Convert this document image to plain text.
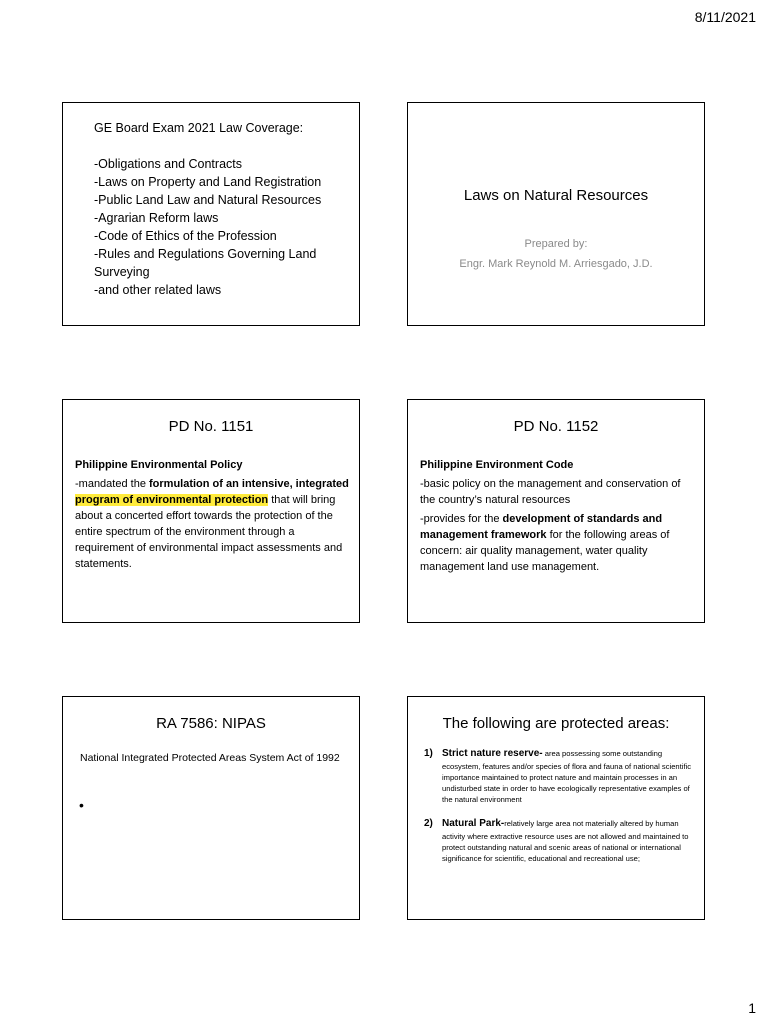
8/11/2021
GE Board Exam 2021 Law Coverage:
-Obligations and Contracts
-Laws on Property and Land Registration
-Public Land Law and Natural Resources
-Agrarian Reform laws
-Code of Ethics of the Profession
-Rules and Regulations Governing Land Surveying
-and other related laws
Laws on Natural Resources
Prepared by:
Engr. Mark Reynold M. Arriesgado, J.D.
PD No. 1151
Philippine Environmental Policy

-mandated the formulation of an intensive, integrated program of environmental protection that will bring about a concerted effort towards the protection of the entire spectrum of the environment through a requirement of environmental impact assessments and statements.

PD No. 1152
Philippine Environment Code

-basic policy on the management and conservation of the country’s natural resources

-provides for the development of standards and management framework for the following areas of concern: air quality management, water quality management land use management.

RA 7586: NIPAS
National Integrated Protected Areas System Act of 1992
•
The following are protected areas:
1) Strict nature reserve- area possessing some outstanding ecosystem, features and/or species of flora and fauna of national scientific importance maintained to protect nature and maintain processes in an undisturbed state in order to have ecologically representative examples of the natural environment
2) Natural Park-relatively large area not materially altered by human activity where extractive resource uses are not allowed and maintained to protect outstanding natural and scenic areas of national or international significance for scientific, educational and recreational use;
1
